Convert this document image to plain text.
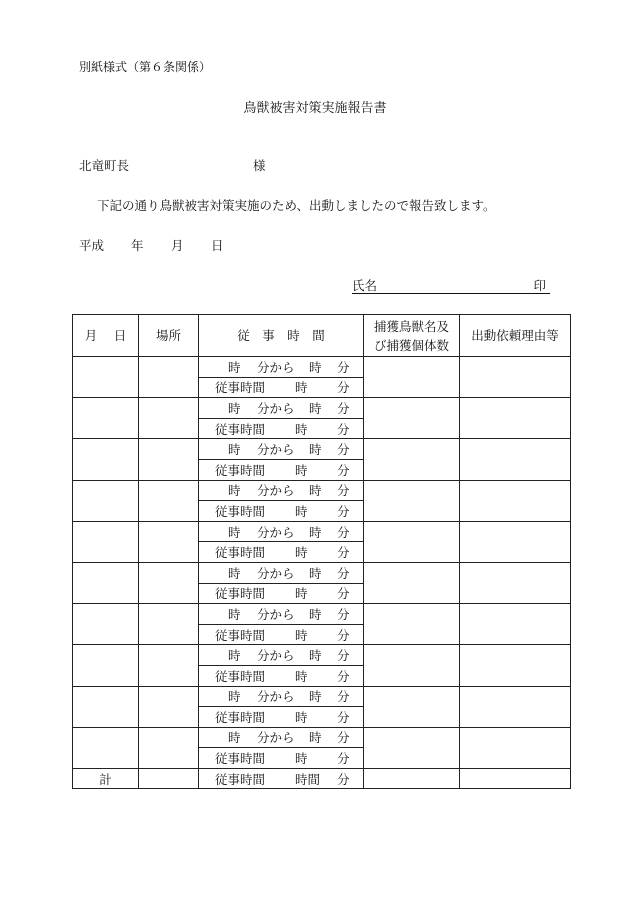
別紙様式（第６条関係）
鳥獣被害対策実施報告書
北竜町長	様
下記の通り鳥獣被害対策実施のため、出動しましたので報告致します。
平成 年 月 日
氏名	印
月　 日	場所	従　事　時　間	捕獲鳥獣名及び捕獲個体数	出動依頼理由等

		時 分から 時 分		

		従事時間 時 分		

		時 分から 時 分		

		従事時間 時 分		

		時 分から 時 分		

		従事時間 時 分		

		時 分から 時 分		

		従事時間 時 分		

		時 分から 時 分		

		従事時間 時 分		

		時 分から 時 分		

		従事時間 時 分		

		時 分から 時 分		

		従事時間 時 分		

		時 分から 時 分		

		従事時間 時 分		

		時 分から 時 分		

		従事時間 時 分		

		時 分から 時 分		

		従事時間 時 分		

計		従事時間 時間 分		
